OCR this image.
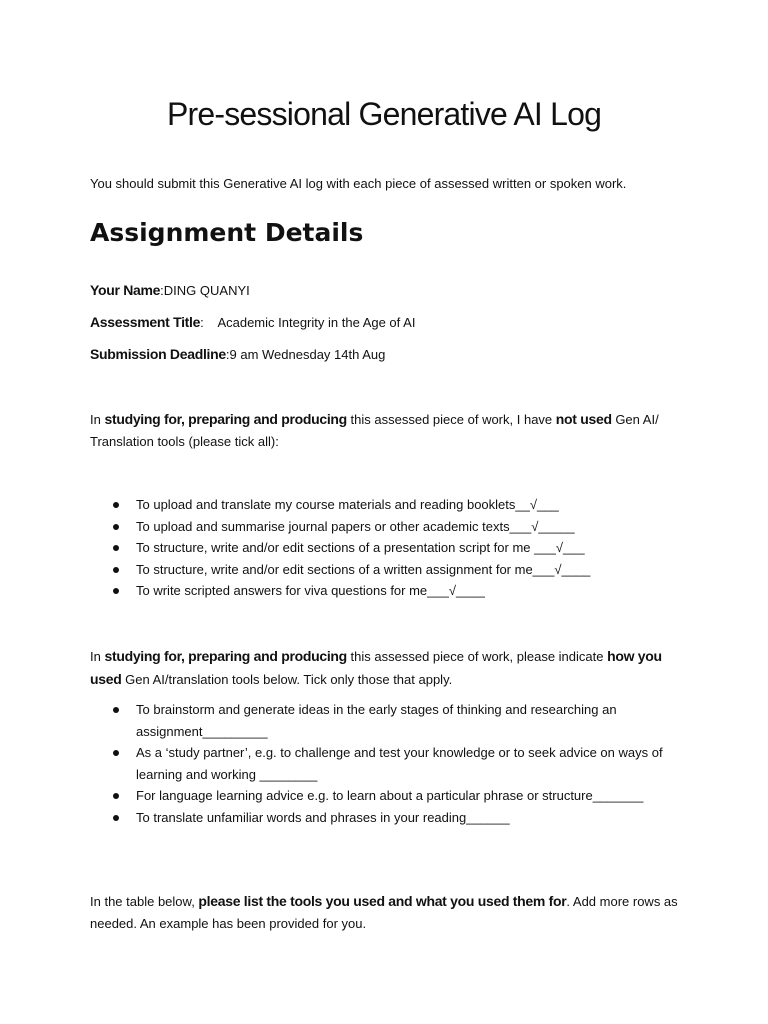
Pre-sessional Generative AI Log

You should submit this Generative AI log with each piece of assessed written or spoken work.

Assignment Details

Your Name:DING QUANYI

Assessment Title:    Academic Integrity in the Age of AI

Submission Deadline:9 am Wednesday 14th Aug

In studying for, preparing and producing this assessed piece of work, I have not used Gen AI/ Translation tools (please tick all):

To upload and translate my course materials and reading booklets__√___
To upload and summarise journal papers or other academic texts___√_____
To structure, write and/or edit sections of a presentation script for me ___√___
To structure, write and/or edit sections of a written assignment for me___√____
To write scripted answers for viva questions for me___√____

In studying for, preparing and producing this assessed piece of work, please indicate how you used Gen AI/translation tools below. Tick only those that apply.

To brainstorm and generate ideas in the early stages of thinking and researching an assignment_________
As a ‘study partner’, e.g. to challenge and test your knowledge or to seek advice on ways of learning and working ________
For language learning advice e.g. to learn about a particular phrase or structure_______
To translate unfamiliar words and phrases in your reading______

In the table below, please list the tools you used and what you used them for. Add more rows as needed. An example has been provided for you.
